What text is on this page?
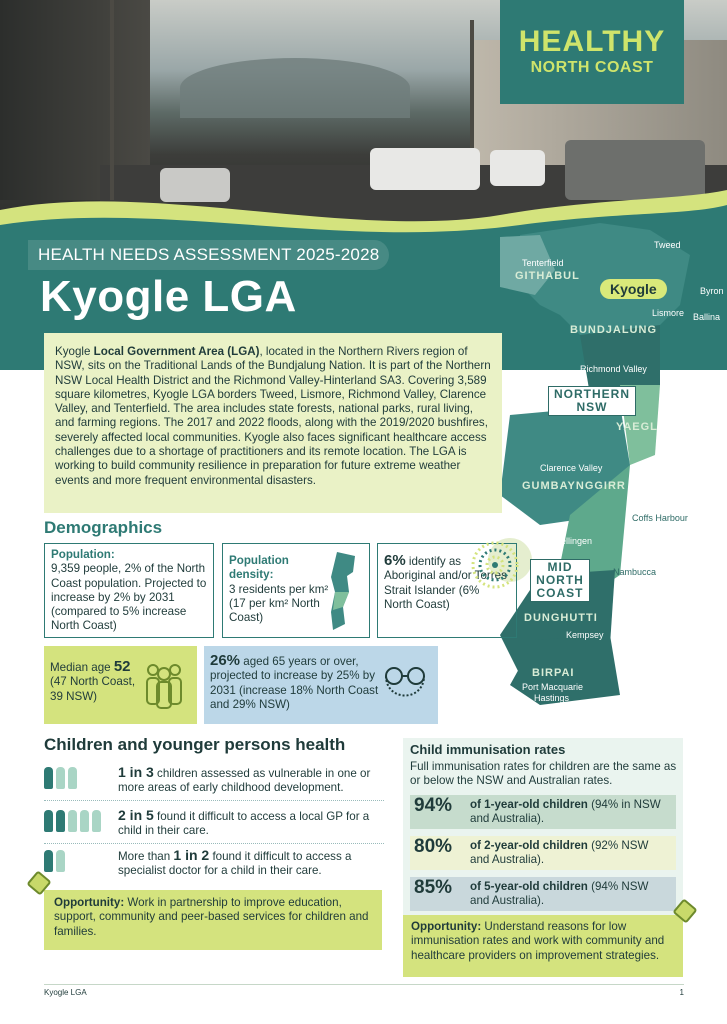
HEALTHY
NORTH COAST
Tweed
Tenterfield
GITHABUL
Kyogle	Byron
Lismore Ballina
BUNDJALUNG
Richmond Valley
NORTHERN
NSW
YAEGL
Clarence Valley
GUMBAYNGGIRR
Coffs Harbour
Bellingen
MID
NORTH
COAST
Nambucca
DUNGHUTTI
Kempsey
BIRPAI
Port Macquarie
Hastings
HEALTH NEEDS ASSESSMENT 2025-2028
Kyogle LGA

Kyogle Local Government Area (LGA), located in the Northern Rivers region of NSW, sits on the Traditional Lands of the Bundjalung Nation. It is part of the Northern NSW Local Health District and the Richmond Valley-Hinterland SA3. Covering 3,589 square kilometres, Kyogle LGA borders Tweed, Lismore, Richmond Valley, Clarence Valley, and Tenterfield. The area includes state forests, national parks, rural living, and farming regions. The 2017 and 2022 floods, along with the 2019/2020 bushfires, severely affected local communities. Kyogle also faces significant healthcare access challenges due to a shortage of practitioners and its remote location. The LGA is working to build community resilience in preparation for future extreme weather events and more frequent environmental disasters.

Demographics
Population:
9,359 people, 2% of the North Coast population. Projected to increase by 2% by 2031 (compared to 5% increase North Coast)
Population
density:

3 residents per km² (17 per km² North Coast)
6% identify as Aboriginal and/or Torres Strait Islander (6% North Coast)
Median age 52

(47 North Coast, 39 NSW)
26% aged 65 years or over, projected to increase by 25% by 2031 (increase 18% North Coast and 29% NSW)
Children and younger persons health
1 in 3 children assessed as vulnerable in one or more areas of early childhood development.
2 in 5 found it difficult to access a local GP for a child in their care.
More than 1 in 2 found it difficult to access a specialist doctor for a child in their care.
Opportunity: Work in partnership to improve education, support, community and peer-based services for children and families.
Child immunisation rates
Full immunisation rates for children are the same as or below the NSW and Australian rates.
94% of 1-year-old children (94% in NSW and Australia).
80% of 2-year-old children (92% NSW and Australia).
85% of 5-year-old children (94% NSW and Australia).
Opportunity: Understand reasons for low immunisation rates and work with community and healthcare providers on improvement strategies.
Kyogle LGA	1
